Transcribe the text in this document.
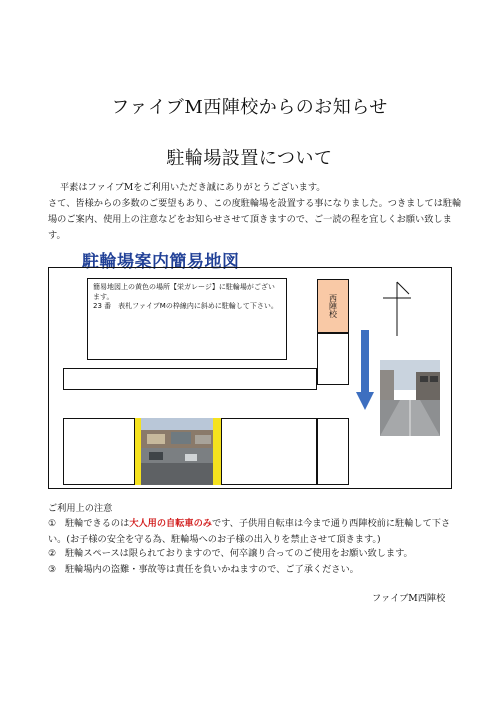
ファイブM西陣校からのお知らせ
駐輪場設置について
平素はファイブMをご利用いただき誠にありがとうございます。
さて、皆様からの多数のご要望もあり、この度駐輪場を設置する事になりました。つきましては駐輪場のご案内、使用上の注意などをお知らせさせて頂きますので、ご一読の程を宜しくお願い致します。
駐輪場案内簡易地図
簡易地図上の黄色の場所【栄ガレージ】に駐輪場がございます。
23 番　表札ファイブMの枠線内に斜めに駐輪して下さい。	西陣校
ご利用上の注意
① 駐輪できるのは大人用の自転車のみです、子供用自転車は今まで通り西陣校前に駐輪して下さい。(お子様の安全を守る為、駐輪場へのお子様の出入りを禁止させて頂きます。)
② 駐輪スペースは限られておりますので、何卒譲り合ってのご使用をお願い致します。
③ 駐輪場内の盗難・事故等は責任を負いかねますので、ご了承ください。
ファイブM西陣校
